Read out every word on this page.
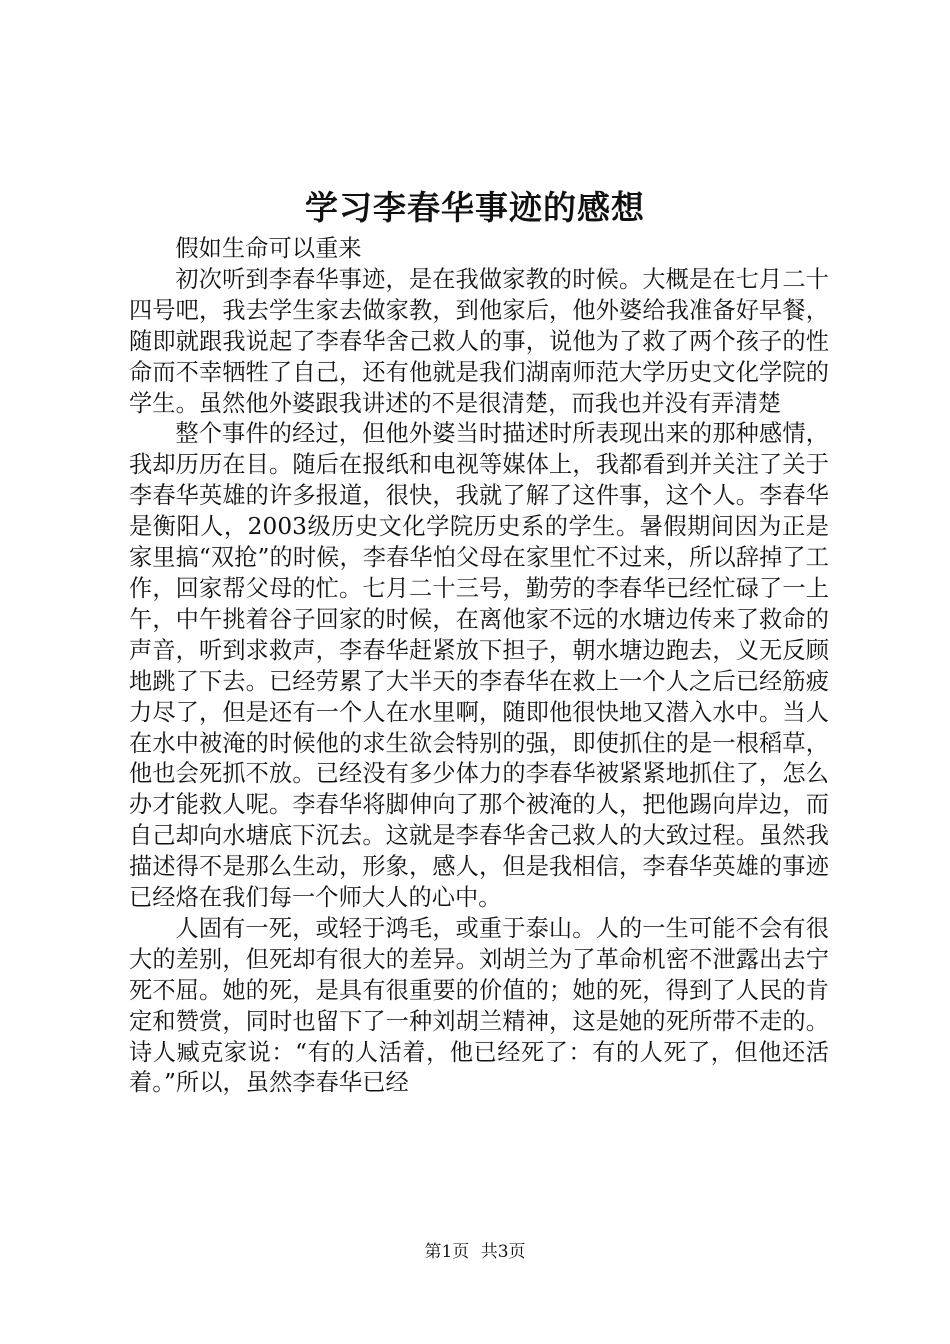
学习李春华事迹的感想

假如生命可以重来

初次听到李春华事迹，是在我做家教的时候。大概是在七月二十四号吧，我去学生家去做家教，到他家后，他外婆给我准备好早餐，随即就跟我说起了李春华舍己救人的事，说他为了救了两个孩子的性命而不幸牺牲了自己，还有他就是我们湖南师范大学历史文化学院的学生。虽然他外婆跟我讲述的不是很清楚，而我也并没有弄清楚

整个事件的经过，但他外婆当时描述时所表现出来的那种感情，我却历历在目。随后在报纸和电视等媒体上，我都看到并关注了关于李春华英雄的许多报道，很快，我就了解了这件事，这个人。李春华是衡阳人，2003级历史文化学院历史系的学生。暑假期间因为正是家里搞“双抢”的时候，李春华怕父母在家里忙不过来，所以辞掉了工作，回家帮父母的忙。七月二十三号，勤劳的李春华已经忙碌了一上午，中午挑着谷子回家的时候，在离他家不远的水塘边传来了救命的声音，听到求救声，李春华赶紧放下担子，朝水塘边跑去，义无反顾地跳了下去。已经劳累了大半天的李春华在救上一个人之后已经筋疲力尽了，但是还有一个人在水里啊，随即他很快地又潜入水中。当人在水中被淹的时候他的求生欲会特别的强，即使抓住的是一根稻草，他也会死抓不放。已经没有多少体力的李春华被紧紧地抓住了，怎么办才能救人呢。李春华将脚伸向了那个被淹的人，把他踢向岸边，而自己却向水塘底下沉去。这就是李春华舍己救人的大致过程。虽然我描述得不是那么生动，形象，感人，但是我相信，李春华英雄的事迹已经烙在我们每一个师大人的心中。

人固有一死，或轻于鸿毛，或重于泰山。人的一生可能不会有很大的差别，但死却有很大的差异。刘胡兰为了革命机密不泄露出去宁死不屈。她的死，是具有很重要的价值的；她的死，得到了人民的肯定和赞赏，同时也留下了一种刘胡兰精神，这是她的死所带不走的。诗人臧克家说：“有的人活着，他已经死了：有的人死了，但他还活着。”所以，虽然李春华已经

第1页 共3页
